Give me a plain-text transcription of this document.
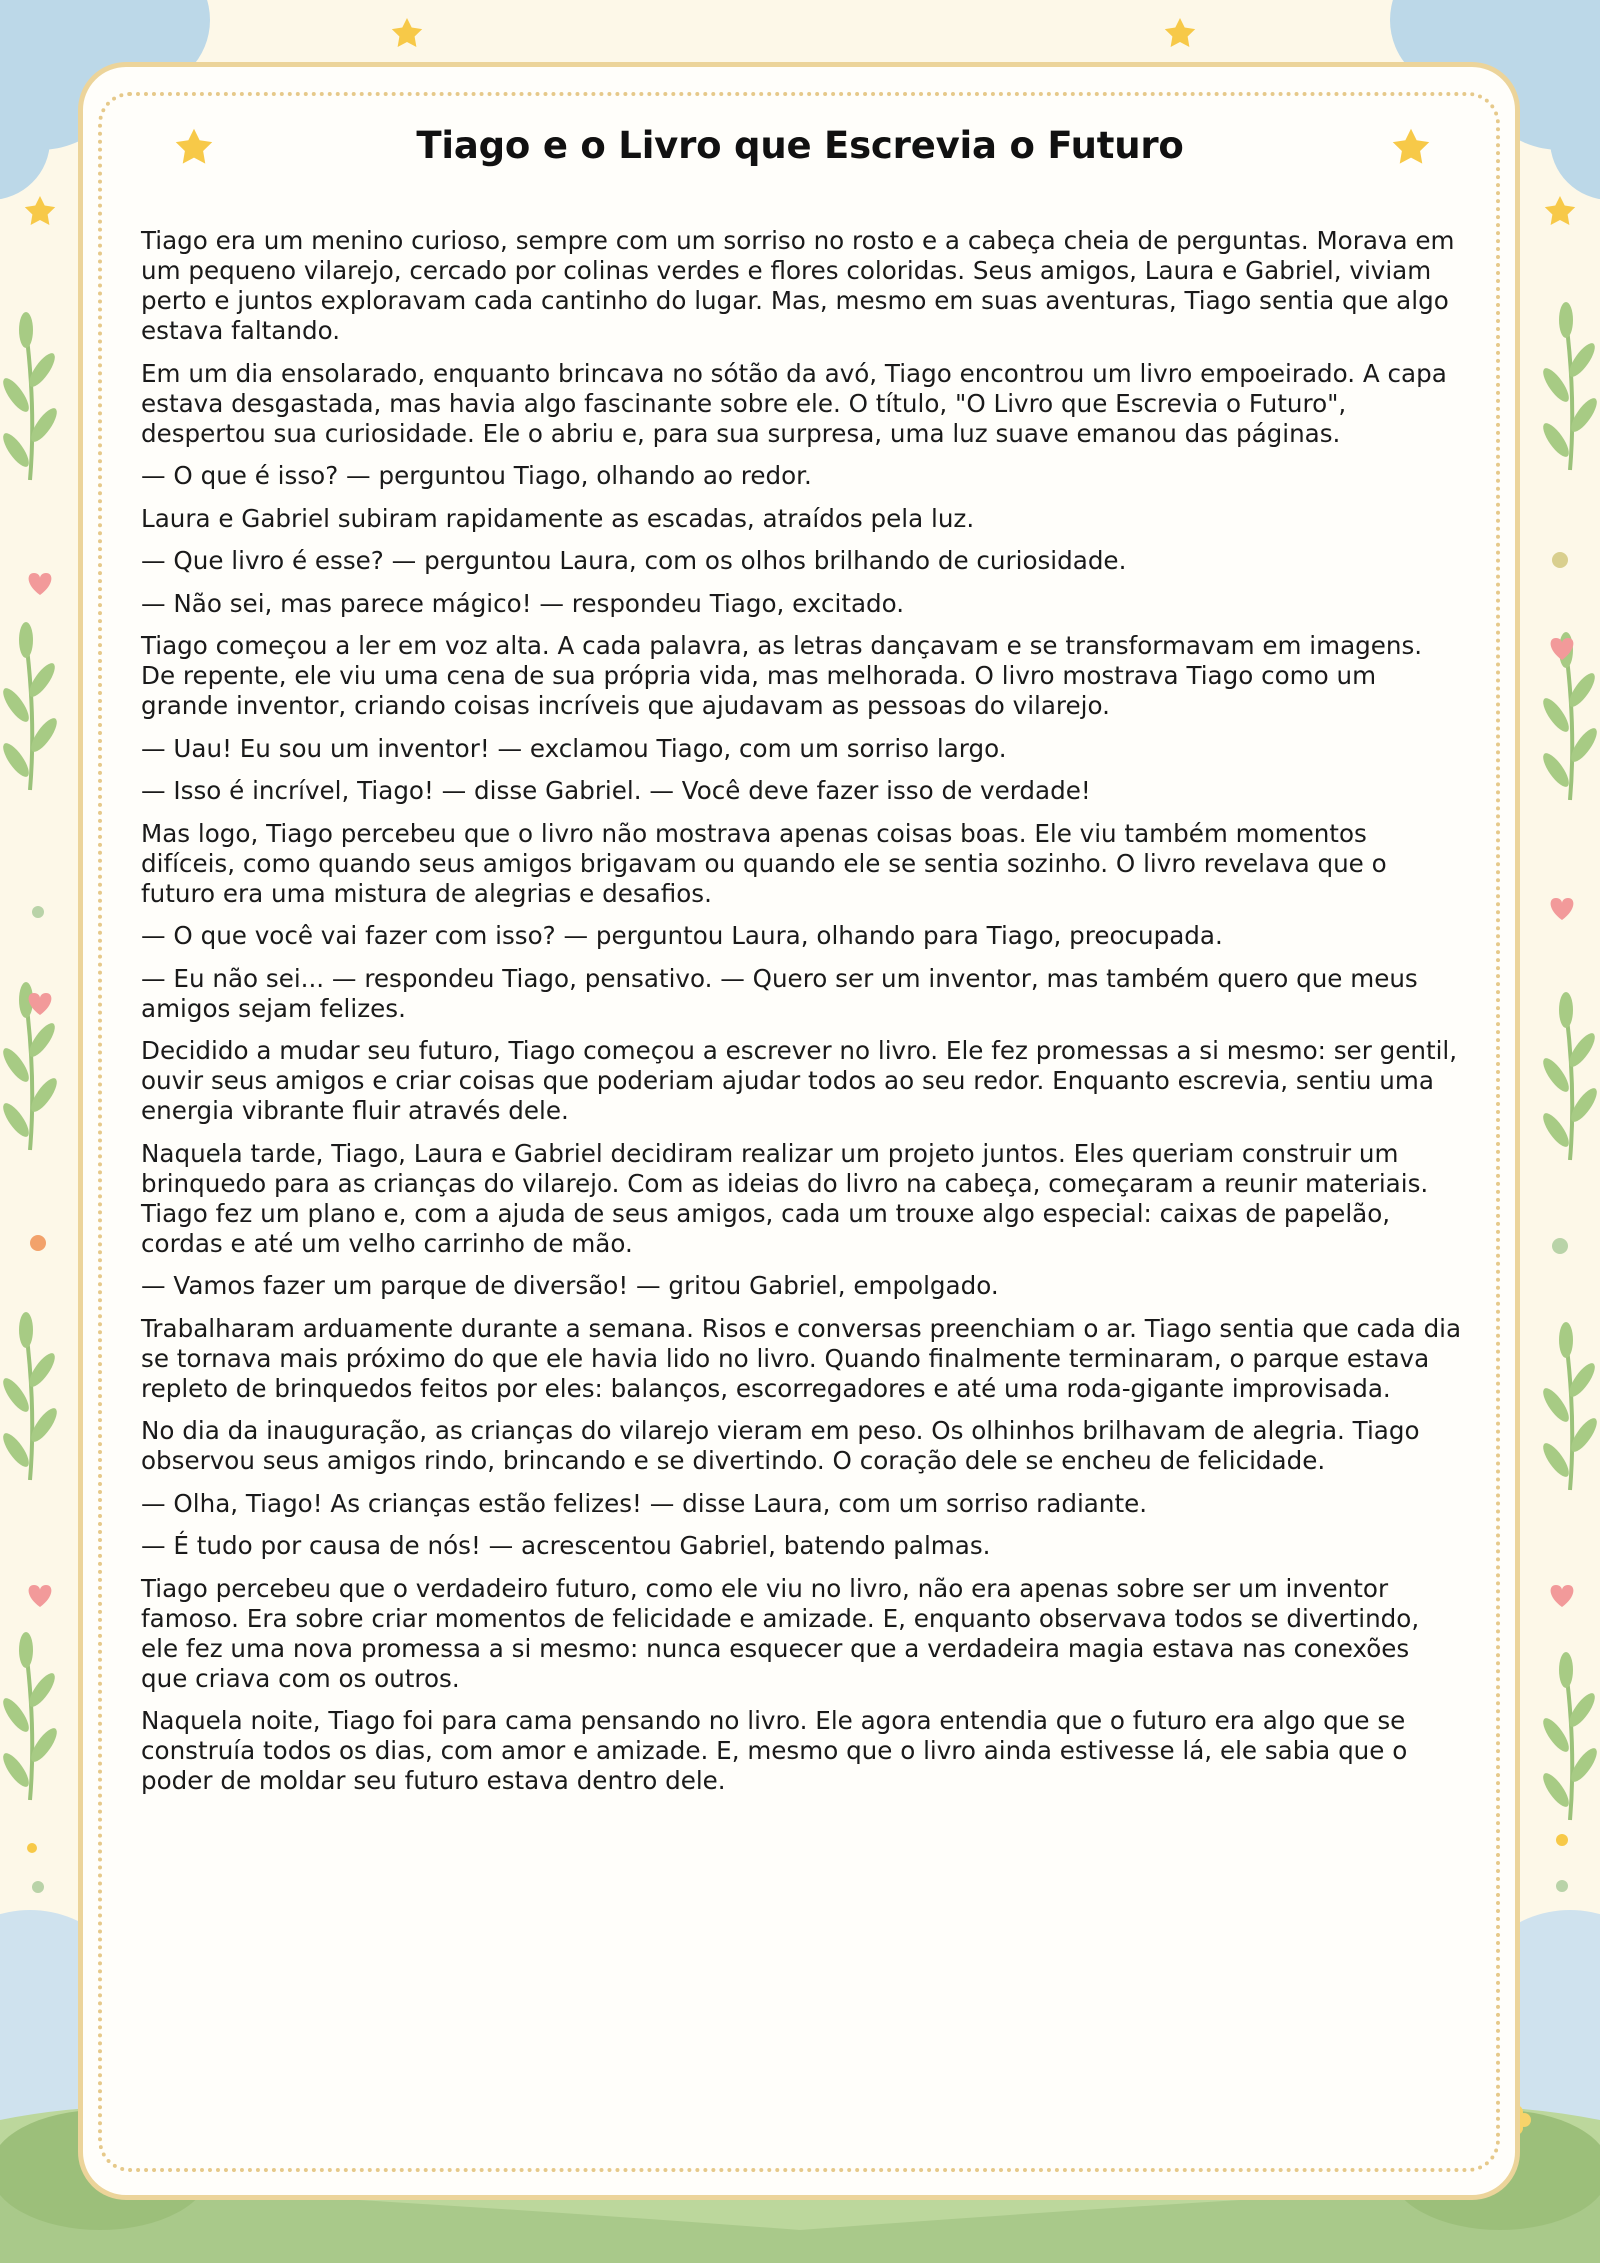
Tiago e o Livro que Escrevia o Futuro

Tiago era um menino curioso, sempre com um sorriso no rosto e a cabeça cheia de perguntas. Morava em um pequeno vilarejo, cercado por colinas verdes e flores coloridas. Seus amigos, Laura e Gabriel, viviam perto e juntos exploravam cada cantinho do lugar. Mas, mesmo em suas aventuras, Tiago sentia que algo estava faltando.

Em um dia ensolarado, enquanto brincava no sótão da avó, Tiago encontrou um livro empoeirado. A capa estava desgastada, mas havia algo fascinante sobre ele. O título, "O Livro que Escrevia o Futuro", despertou sua curiosidade. Ele o abriu e, para sua surpresa, uma luz suave emanou das páginas.

— O que é isso? — perguntou Tiago, olhando ao redor.

Laura e Gabriel subiram rapidamente as escadas, atraídos pela luz.

— Que livro é esse? — perguntou Laura, com os olhos brilhando de curiosidade.

— Não sei, mas parece mágico! — respondeu Tiago, excitado.

Tiago começou a ler em voz alta. A cada palavra, as letras dançavam e se transformavam em imagens. De repente, ele viu uma cena de sua própria vida, mas melhorada. O livro mostrava Tiago como um grande inventor, criando coisas incríveis que ajudavam as pessoas do vilarejo.

— Uau! Eu sou um inventor! — exclamou Tiago, com um sorriso largo.

— Isso é incrível, Tiago! — disse Gabriel. — Você deve fazer isso de verdade!

Mas logo, Tiago percebeu que o livro não mostrava apenas coisas boas. Ele viu também momentos difíceis, como quando seus amigos brigavam ou quando ele se sentia sozinho. O livro revelava que o futuro era uma mistura de alegrias e desafios.

— O que você vai fazer com isso? — perguntou Laura, olhando para Tiago, preocupada.

— Eu não sei... — respondeu Tiago, pensativo. — Quero ser um inventor, mas também quero que meus amigos sejam felizes.

Decidido a mudar seu futuro, Tiago começou a escrever no livro. Ele fez promessas a si mesmo: ser gentil, ouvir seus amigos e criar coisas que poderiam ajudar todos ao seu redor. Enquanto escrevia, sentiu uma energia vibrante fluir através dele.

Naquela tarde, Tiago, Laura e Gabriel decidiram realizar um projeto juntos. Eles queriam construir um brinquedo para as crianças do vilarejo. Com as ideias do livro na cabeça, começaram a reunir materiais. Tiago fez um plano e, com a ajuda de seus amigos, cada um trouxe algo especial: caixas de papelão, cordas e até um velho carrinho de mão.

— Vamos fazer um parque de diversão! — gritou Gabriel, empolgado.

Trabalharam arduamente durante a semana. Risos e conversas preenchiam o ar. Tiago sentia que cada dia se tornava mais próximo do que ele havia lido no livro. Quando finalmente terminaram, o parque estava repleto de brinquedos feitos por eles: balanços, escorregadores e até uma roda-gigante improvisada.

No dia da inauguração, as crianças do vilarejo vieram em peso. Os olhinhos brilhavam de alegria. Tiago observou seus amigos rindo, brincando e se divertindo. O coração dele se encheu de felicidade.

— Olha, Tiago! As crianças estão felizes! — disse Laura, com um sorriso radiante.

— É tudo por causa de nós! — acrescentou Gabriel, batendo palmas.

Tiago percebeu que o verdadeiro futuro, como ele viu no livro, não era apenas sobre ser um inventor famoso. Era sobre criar momentos de felicidade e amizade. E, enquanto observava todos se divertindo, ele fez uma nova promessa a si mesmo: nunca esquecer que a verdadeira magia estava nas conexões que criava com os outros.

Naquela noite, Tiago foi para cama pensando no livro. Ele agora entendia que o futuro era algo que se construía todos os dias, com amor e amizade. E, mesmo que o livro ainda estivesse lá, ele sabia que o poder de moldar seu futuro estava dentro dele.
